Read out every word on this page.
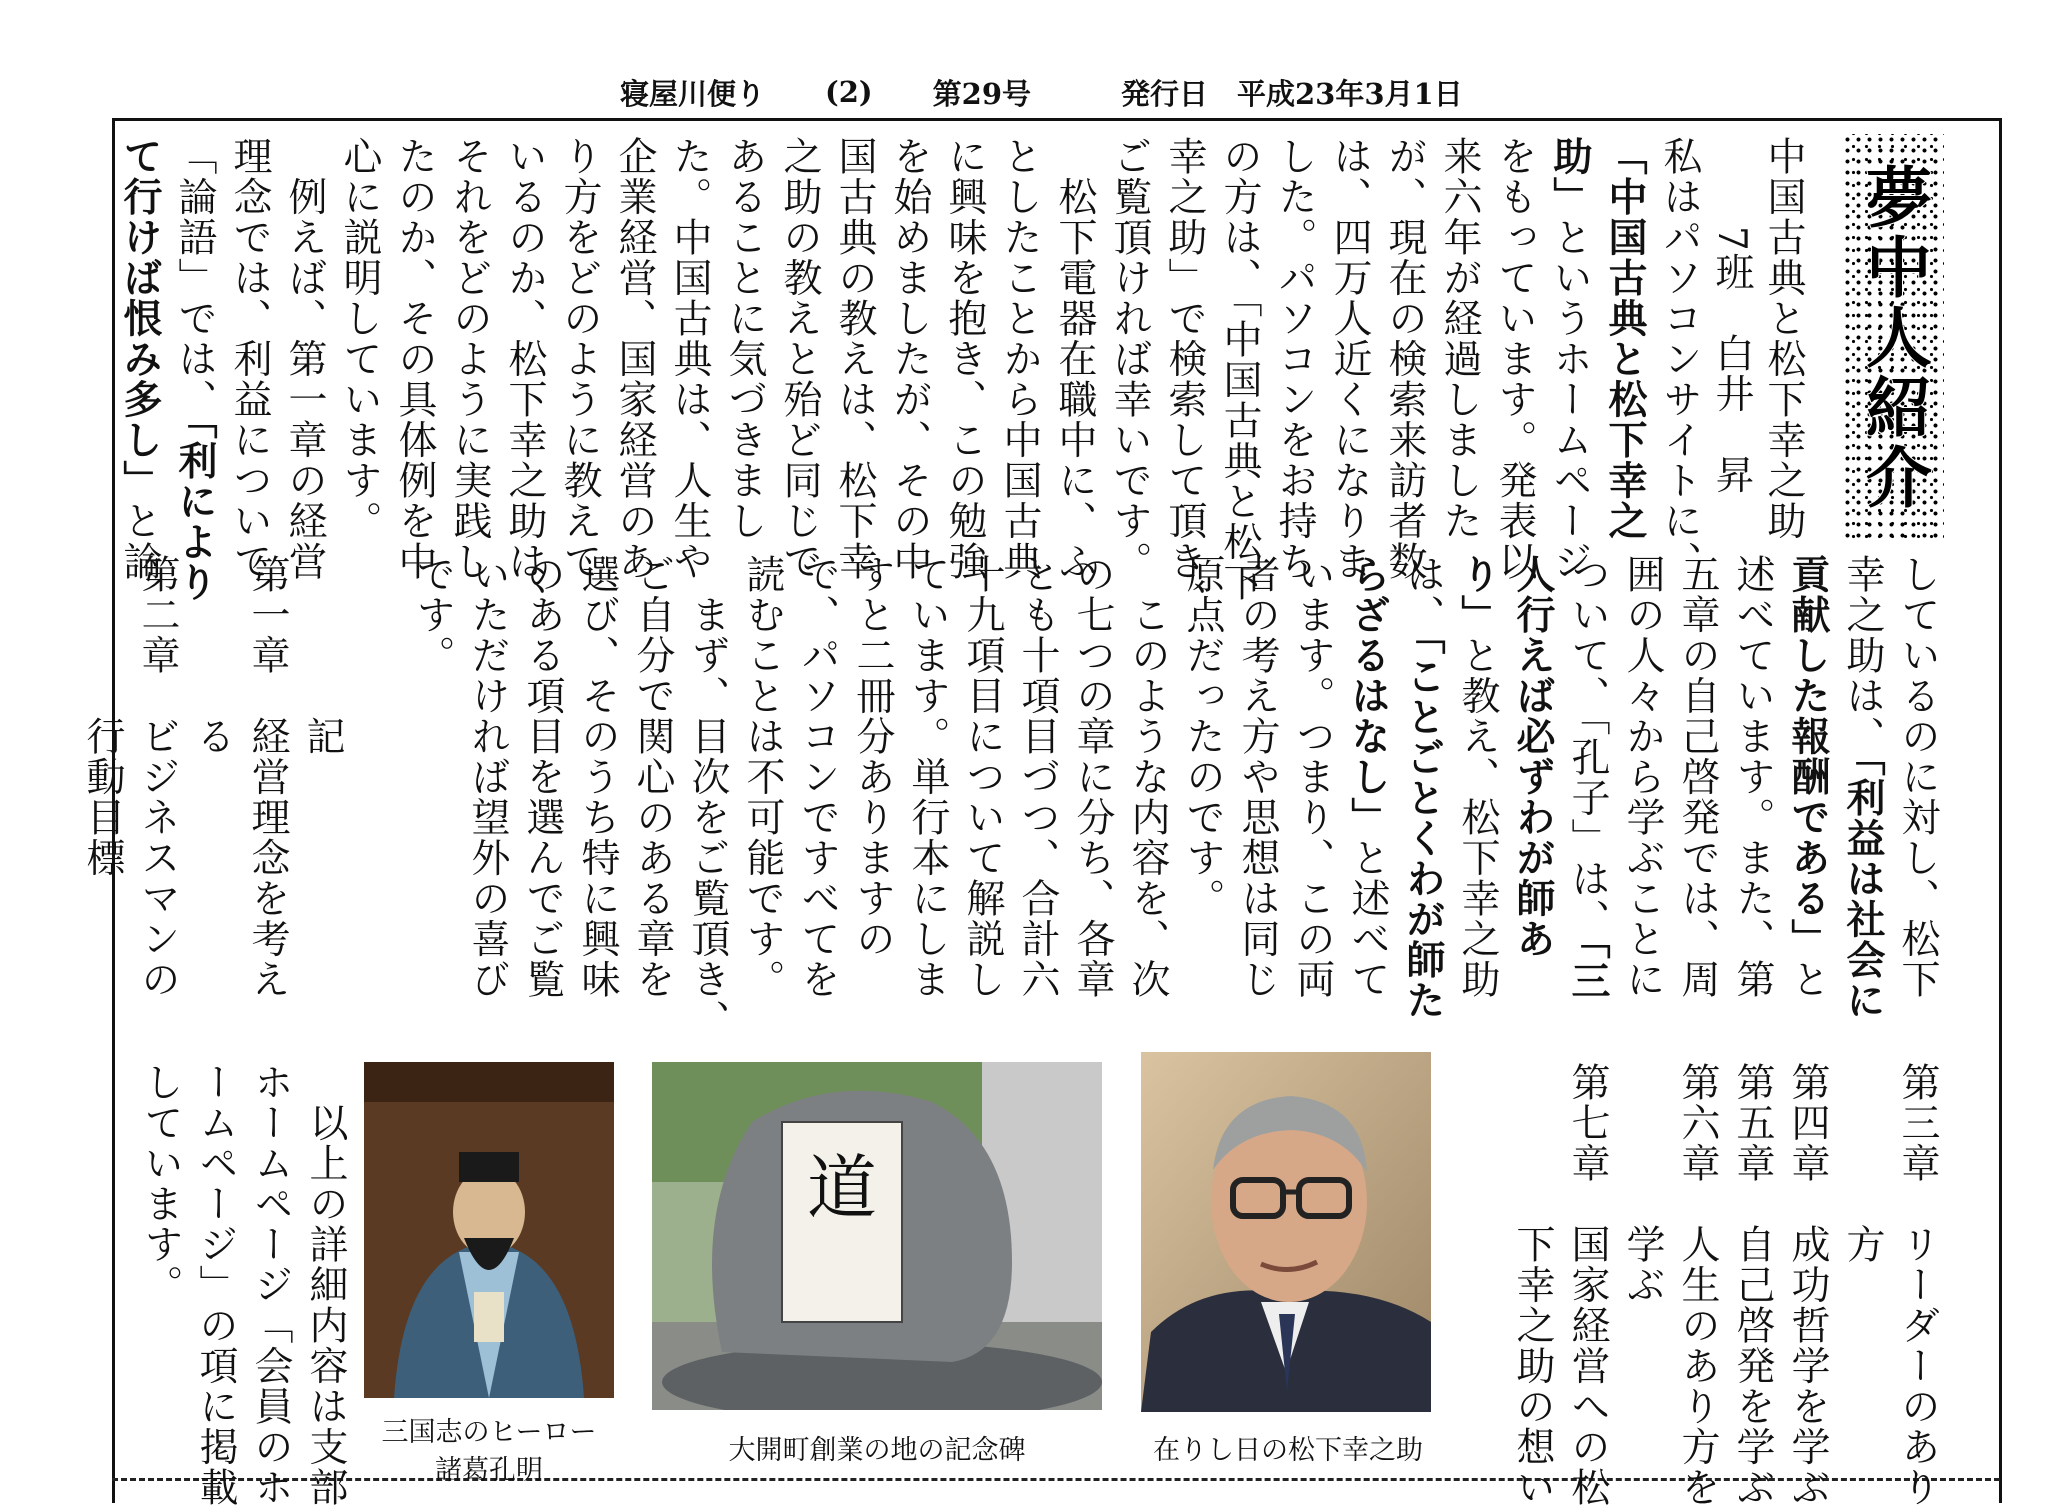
寝屋川便り (2) 第29号	発行日　平成23年3月1日
夢中人紹介
中国古典と松下幸之助
7班　白井　昇
私はパソコンサイトに、
「中国古典と松下幸之
助」というホームページ
をもっています。発表以
来六年が経過しました
が、現在の検索来訪者数
は、四万人近くになりま
した。パソコンをお持ち
の方は、「中国古典と松下
幸之助」で検索して頂き、
ご覧頂ければ幸いです。
　松下電器在職中に、ふ
としたことから中国古典
に興味を抱き、この勉強
を始めましたが、その中
国古典の教えは、松下幸
之助の教えと殆ど同じで
あることに気づきまし
た。中国古典は、人生や
企業経営、国家経営のあ
り方をどのように教えて
いるのか、松下幸之助は、
それをどのように実践し
たのか、その具体例を中
心に説明しています。
　例えば、第一章の経営
理念では、利益について
「論語」では、「利により
て行けば恨み多し」と論
しているのに対し、松下
幸之助は、「利益は社会に
貢献した報酬である」と
述べています。また、第
五章の自己啓発では、周
囲の人々から学ぶことに
ついて、「孔子」は、「三
人行えば必ずわが師あ
り」と教え、松下幸之助
は、「ことごとくわが師た
らざるはなし」と述べて
います。つまり、この両
者の考え方や思想は同じ
原点だったのです。
　このような内容を、次
の七つの章に分ち、各章
とも十項目づつ、合計六
十九項目について解説し
ています。単行本にしま
すと二冊分ありますの
で、パソコンですべてを
読むことは不可能です。
　まず、目次をご覧頂き、
ご自分で関心のある章を
選び、そのうち特に興味
のある項目を選んでご覧
いただければ望外の喜び
です。
　　　　記
第一章　経営理念を考え
　　　　る
第二章　ビジネスマンの
　　　　行動目標
第三章　リーダーのあり
　　　　方
第四章　成功哲学を学ぶ
第五章　自己啓発を学ぶ
第六章　人生のあり方を
　　　　学ぶ
第七章　国家経営への松
　　　　下幸之助の想い
　以上の詳細内容は支部
ホームページ「会員のホ
ームページ」の項に掲載
しています。
在りし日の松下幸之助
道
大開町創業の地の記念碑
三国志のヒーロー
諸葛孔明
